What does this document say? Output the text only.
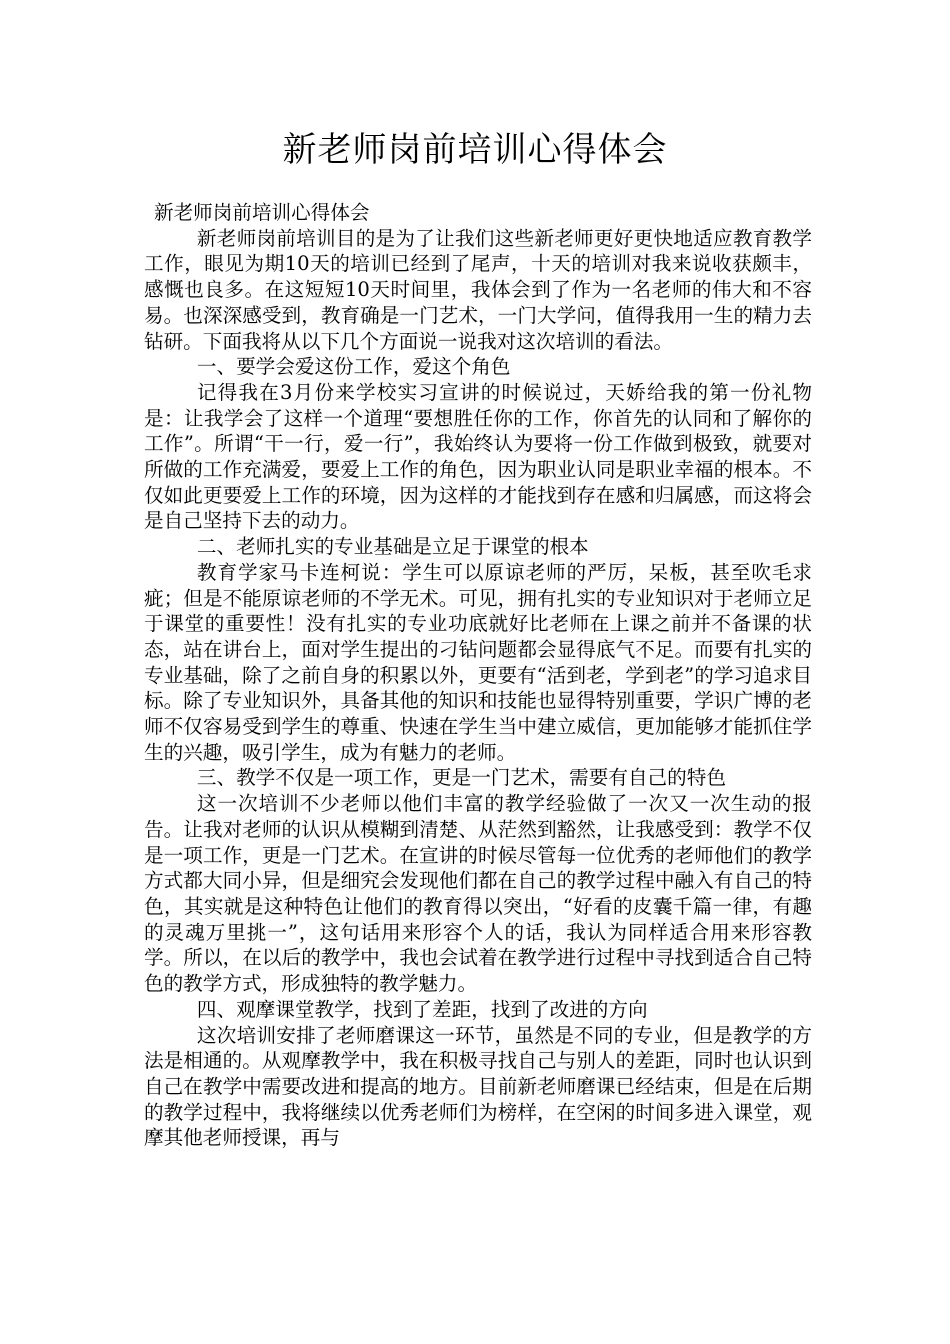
新老师岗前培训心得体会

新老师岗前培训心得体会

新老师岗前培训目的是为了让我们这些新老师更好更快地适应教育教学工作，眼见为期10天的培训已经到了尾声，十天的培训对我来说收获颇丰，感慨也良多。在这短短10天时间里，我体会到了作为一名老师的伟大和不容易。也深深感受到，教育确是一门艺术，一门大学问，值得我用一生的精力去钻研。下面我将从以下几个方面说一说我对这次培训的看法。

一、要学会爱这份工作，爱这个角色

记得我在3月份来学校实习宣讲的时候说过，天娇给我的第一份礼物是：让我学会了这样一个道理“要想胜任你的工作，你首先的认同和了解你的工作”。所谓“干一行，爱一行”，我始终认为要将一份工作做到极致，就要对所做的工作充满爱，要爱上工作的角色，因为职业认同是职业幸福的根本。不仅如此更要爱上工作的环境，因为这样的才能找到存在感和归属感，而这将会是自己坚持下去的动力。

二、老师扎实的专业基础是立足于课堂的根本

教育学家马卡连柯说：学生可以原谅老师的严厉，呆板，甚至吹毛求疵；但是不能原谅老师的不学无术。可见，拥有扎实的专业知识对于老师立足于课堂的重要性！没有扎实的专业功底就好比老师在上课之前并不备课的状态，站在讲台上，面对学生提出的刁钻问题都会显得底气不足。而要有扎实的专业基础，除了之前自身的积累以外，更要有“活到老，学到老”的学习追求目标。除了专业知识外，具备其他的知识和技能也显得特别重要，学识广博的老师不仅容易受到学生的尊重、快速在学生当中建立威信，更加能够才能抓住学生的兴趣，吸引学生，成为有魅力的老师。

三、教学不仅是一项工作，更是一门艺术，需要有自己的特色

这一次培训不少老师以他们丰富的教学经验做了一次又一次生动的报告。让我对老师的认识从模糊到清楚、从茫然到豁然，让我感受到：教学不仅是一项工作，更是一门艺术。在宣讲的时候尽管每一位优秀的老师他们的教学方式都大同小异，但是细究会发现他们都在自己的教学过程中融入有自己的特色，其实就是这种特色让他们的教育得以突出，“好看的皮囊千篇一律，有趣的灵魂万里挑一”，这句话用来形容个人的话，我认为同样适合用来形容教学。所以，在以后的教学中，我也会试着在教学进行过程中寻找到适合自己特色的教学方式，形成独特的教学魅力。

四、观摩课堂教学，找到了差距，找到了改进的方向

这次培训安排了老师磨课这一环节，虽然是不同的专业，但是教学的方法是相通的。从观摩教学中，我在积极寻找自己与别人的差距，同时也认识到自己在教学中需要改进和提高的地方。目前新老师磨课已经结束，但是在后期的教学过程中，我将继续以优秀老师们为榜样，在空闲的时间多进入课堂，观摩其他老师授课，再与
